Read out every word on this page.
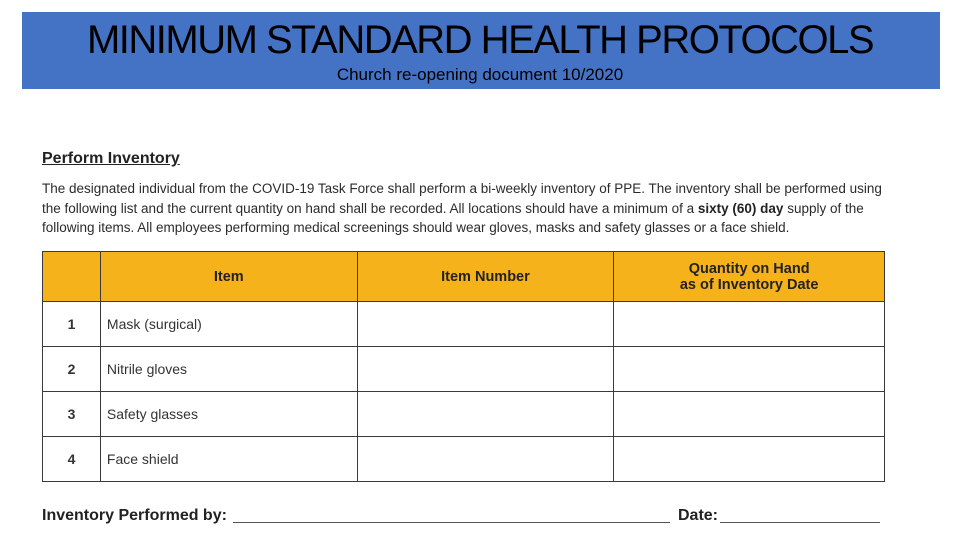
MINIMUM STANDARD HEALTH PROTOCOLS
Church re-opening document 10/2020
Perform Inventory
The designated individual from the COVID-19 Task Force shall perform a bi-weekly inventory of PPE. The inventory shall be performed using the following list and the current quantity on hand shall be recorded. All locations should have a minimum of a sixty (60) day supply of the following items. All employees performing medical screenings should wear gloves, masks and safety glasses or a face shield.
	Item	Item Number	Quantity on Hand
as of Inventory Date
1	Mask (surgical)		
2	Nitrile gloves		
3	Safety glasses		
4	Face shield		
Inventory Performed by:	Date:
